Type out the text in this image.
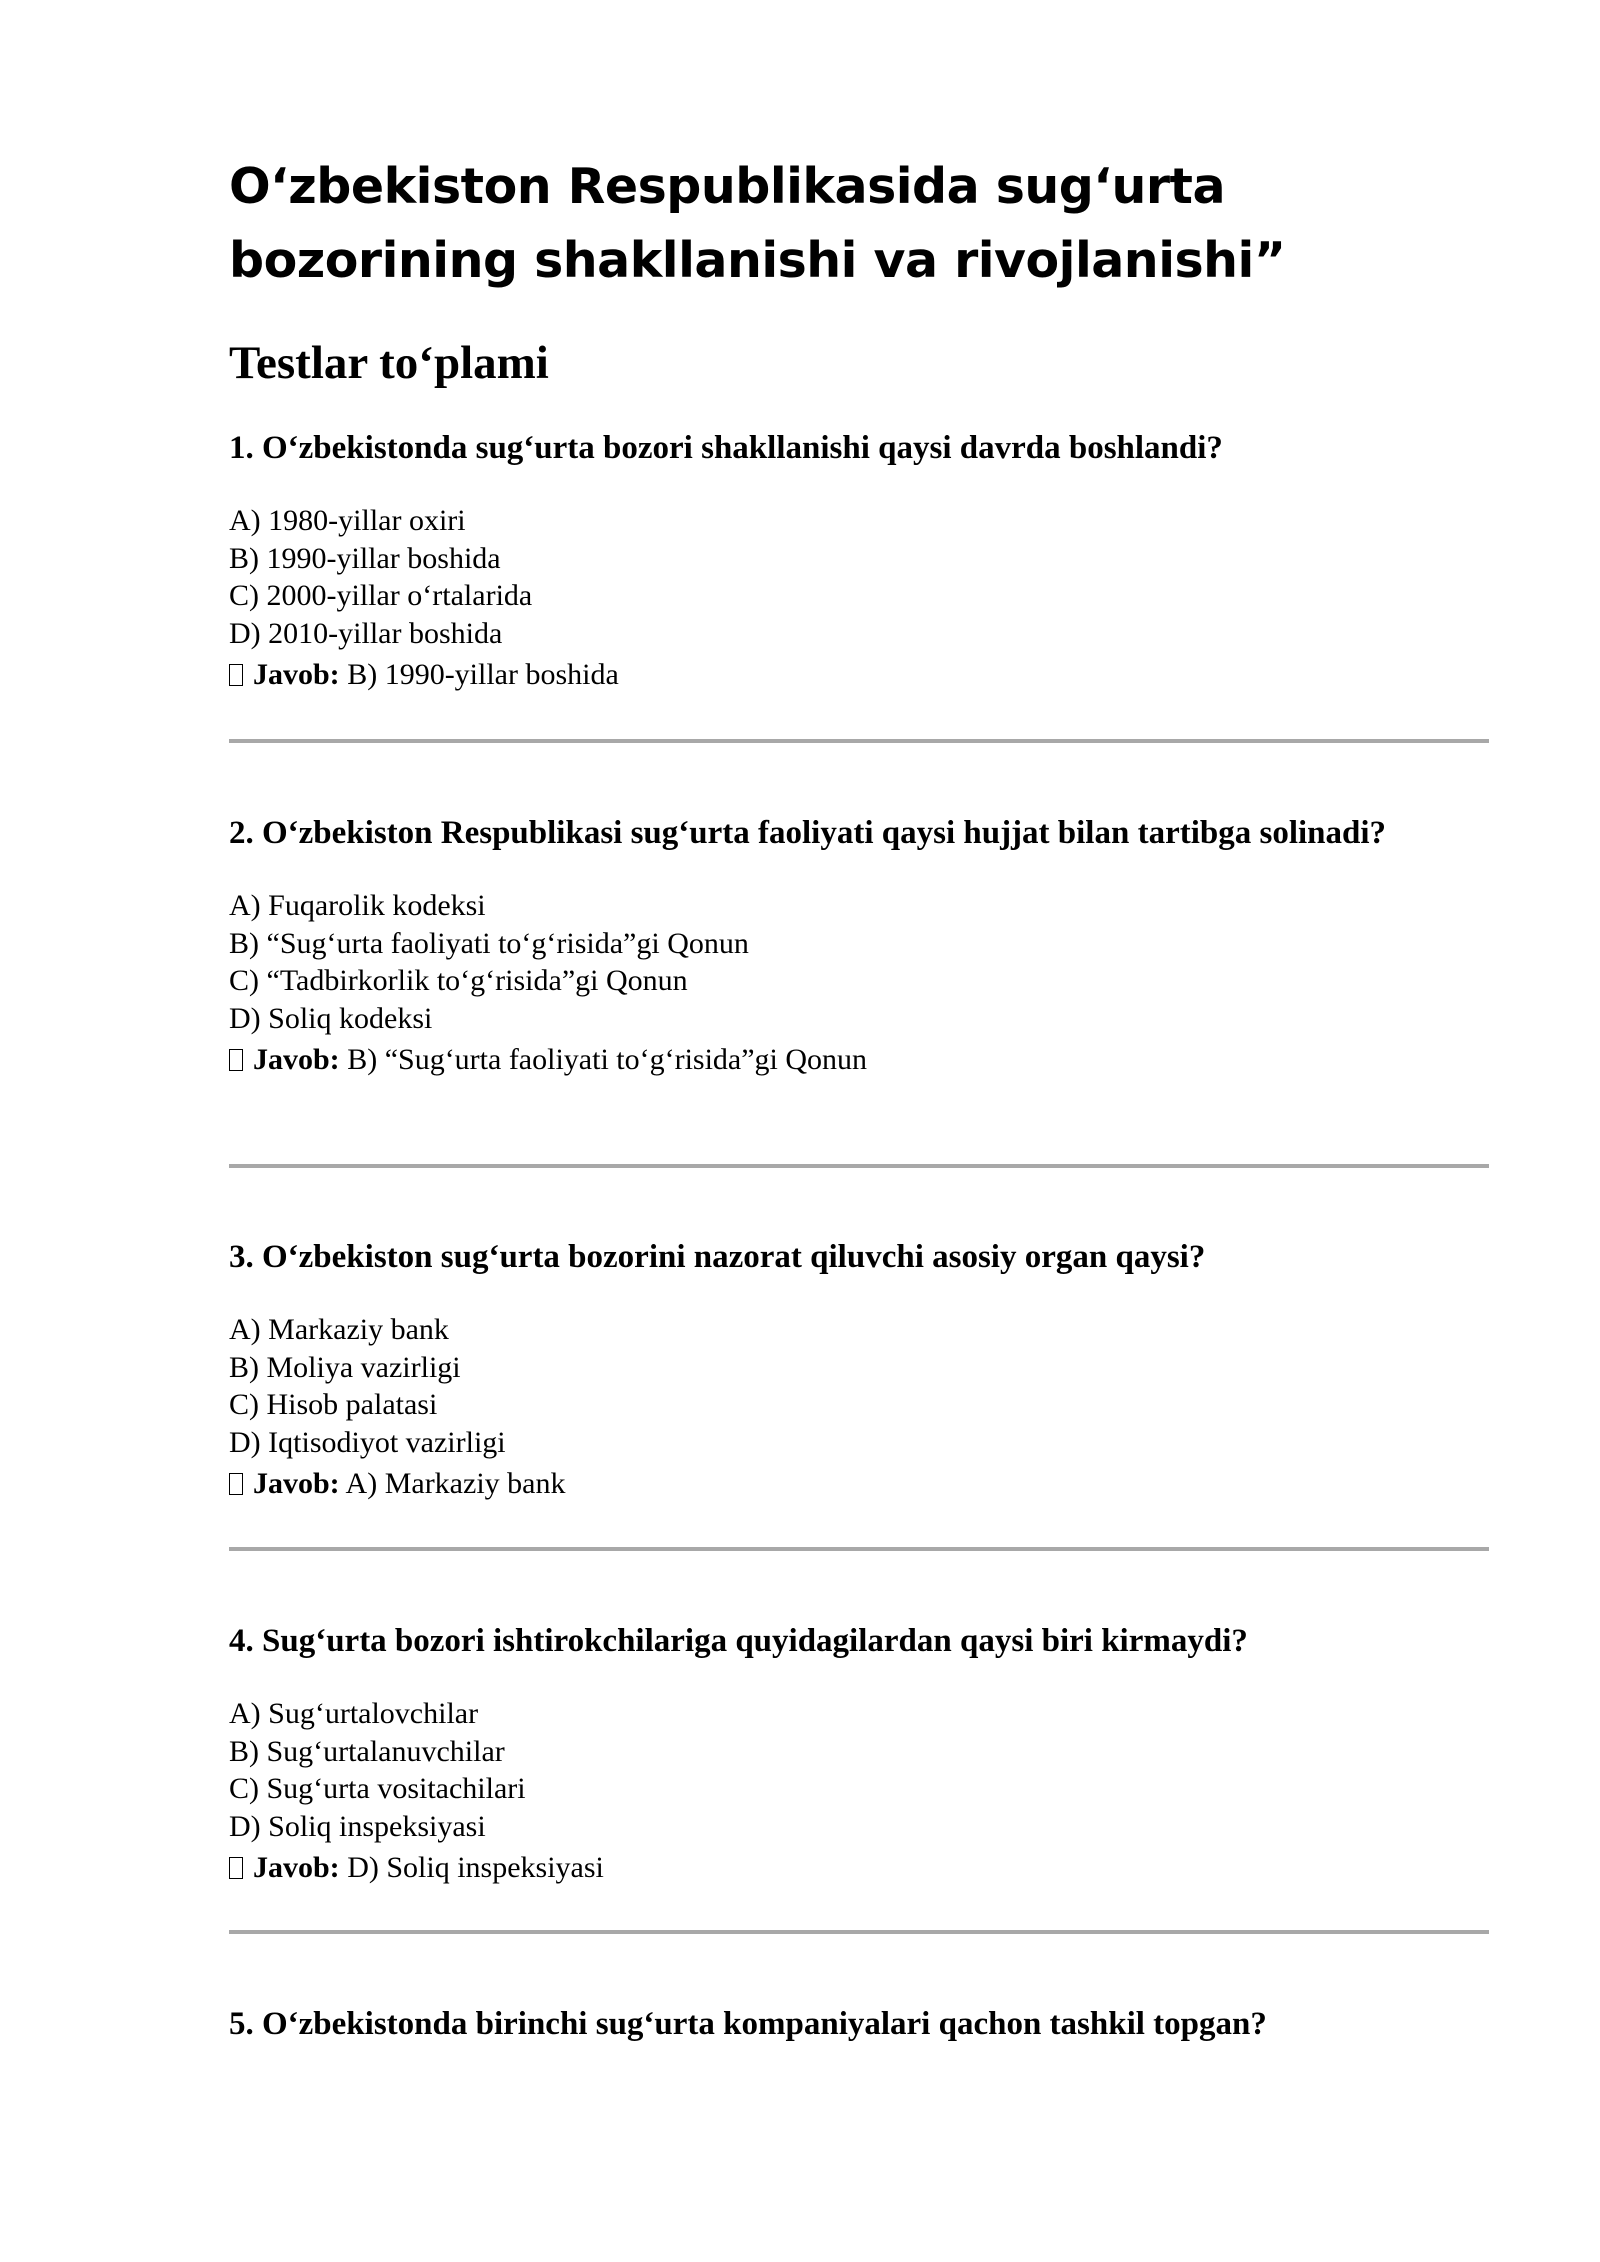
O‘zbekiston Respublikasida sug‘urta bozorining shakllanishi va rivojlanishi”
Testlar to‘plami

1. O‘zbekistonda sug‘urta bozori shakllanishi qaysi davrda boshlandi?

A) 1980-yillar oxiri
B) 1990-yillar boshida
C) 2000-yillar o‘rtalarida
D) 2010-yillar boshida
Javob: B) 1990-yillar boshida

2. O‘zbekiston Respublikasi sug‘urta faoliyati qaysi hujjat bilan tartibga solinadi?

A) Fuqarolik kodeksi
B) “Sug‘urta faoliyati to‘g‘risida”gi Qonun
C) “Tadbirkorlik to‘g‘risida”gi Qonun
D) Soliq kodeksi
Javob: B) “Sug‘urta faoliyati to‘g‘risida”gi Qonun

3. O‘zbekiston sug‘urta bozorini nazorat qiluvchi asosiy organ qaysi?

A) Markaziy bank
B) Moliya vazirligi
C) Hisob palatasi
D) Iqtisodiyot vazirligi
Javob: A) Markaziy bank

4. Sug‘urta bozori ishtirokchilariga quyidagilardan qaysi biri kirmaydi?

A) Sug‘urtalovchilar
B) Sug‘urtalanuvchilar
C) Sug‘urta vositachilari
D) Soliq inspeksiyasi
Javob: D) Soliq inspeksiyasi

5. O‘zbekistonda birinchi sug‘urta kompaniyalari qachon tashkil topgan?
